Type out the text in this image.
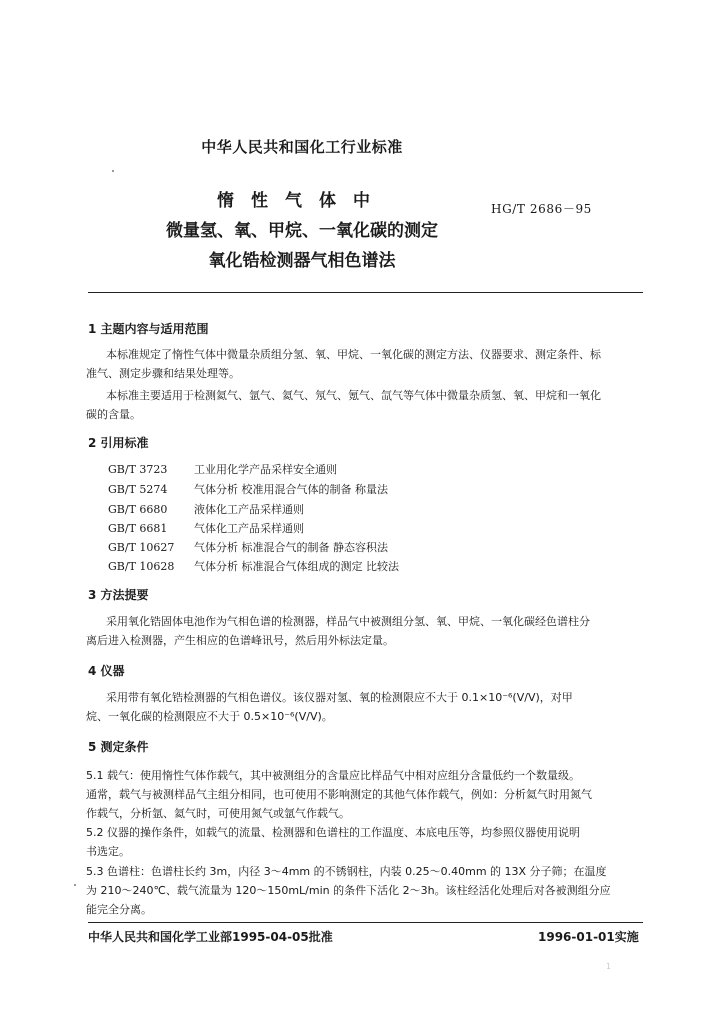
中华人民共和国化工行业标准
惰性气体中
微量氢、氧、甲烷、一氧化碳的测定
氧化锆检测器气相色谱法
HG/T 2686－95
1 主题内容与适用范围
本标准规定了惰性气体中微量杂质组分氢、氧、甲烷、一氧化碳的测定方法、仪器要求、测定条件、标
准气、测定步骤和结果处理等。
本标准主要适用于检测氦气、氩气、氦气、氖气、氪气、氙气等气体中微量杂质氢、氧、甲烷和一氧化
碳的含量。
2 引用标准
GB/T 3723 工业用化学产品采样安全通则
GB/T 5274 气体分析 校准用混合气体的制备 称量法
GB/T 6680 液体化工产品采样通则
GB/T 6681 气体化工产品采样通则
GB/T 10627 气体分析 标准混合气的制备 静态容积法
GB/T 10628 气体分析 标准混合气体组成的测定 比较法
3 方法提要
采用氧化锆固体电池作为气相色谱的检测器，样品气中被测组分氢、氧、甲烷、一氧化碳经色谱柱分
离后进入检测器，产生相应的色谱峰讯号，然后用外标法定量。
4 仪器
采用带有氧化锆检测器的气相色谱仪。该仪器对氢、氧的检测限应不大于 0.1×10⁻⁶(V/V)，对甲
烷、一氧化碳的检测限应不大于 0.5×10⁻⁶(V/V)。
5 测定条件
5.1 载气：使用惰性气体作载气，其中被测组分的含量应比样品气中相对应组分含量低约一个数量级。
通常，载气与被测样品气主组分相同，也可使用不影响测定的其他气体作载气，例如：分析氦气时用氮气
作载气，分析氩、氦气时，可使用氮气或氩气作载气。
5.2 仪器的操作条件，如载气的流量、检测器和色谱柱的工作温度、本底电压等，均参照仪器使用说明
书选定。
5.3 色谱柱：色谱柱长约 3m，内径 3～4mm 的不锈钢柱，内装 0.25～0.40mm 的 13X 分子筛；在温度
为 210～240℃、载气流量为 120～150mL/min 的条件下活化 2～3h。该柱经活化处理后对各被测组分应
能完全分离。
中华人民共和国化学工业部1995-04-05批准	1996-01-01实施
1
